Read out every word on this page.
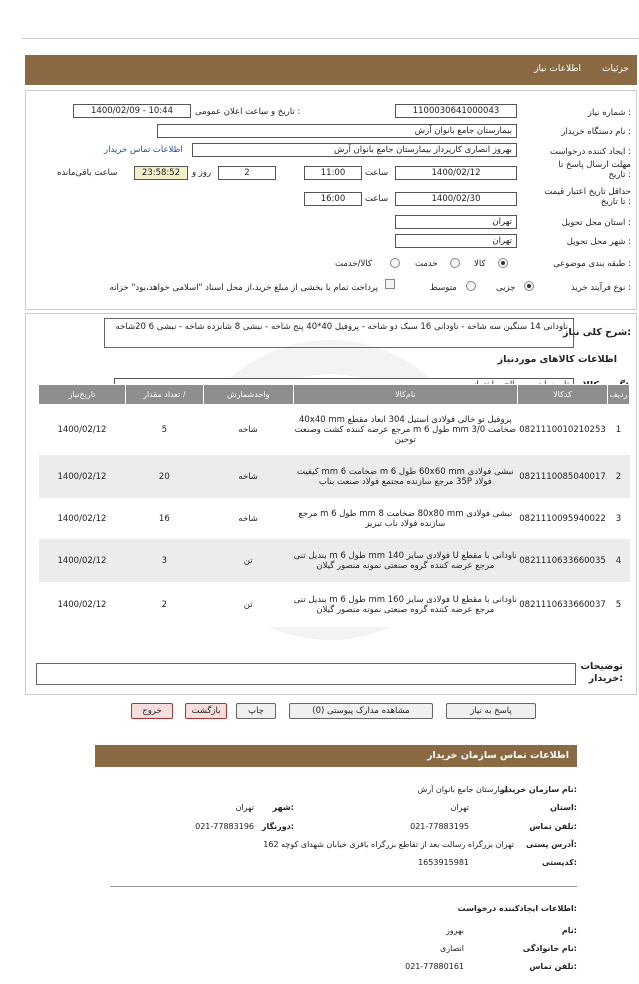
جزئیات
اطلاعات نیاز
شماره نیاز :
1100030641000043
تاریخ و ساعت اعلان عمومی :
1400/02/09 - 10:44
نام دستگاه خریدار :
بیمارستان جامع بانوان آرش
ایجاد کننده درخواست :
بهروز انصاری کارپرداز بیمارستان جامع بانوان آرش
اطلاعات تماس خریدار
مهلت ارسال پاسخ تا تاریخ :
1400/02/12
ساعت
11:00
2
روز و
23:58:52
ساعت باقی‌مانده
حداقل تاریخ اعتبار قیمت تا تاریخ :
1400/02/30
ساعت
16:00
استان محل تحویل :
تهران
شهر محل تحویل :
تهران
طبقه بندی موضوعی :
کالا
خدمت
کالا/خدمت
نوع فرآیند خرید :
جزیی
متوسط
پرداخت تمام یا بخشی از مبلغ خرید،از محل اسناد "اسلامی خواهد،بود" خزانه
شرح کلی نیاز:
ناودانی 14 سنگین سه شاخه - ناودانی 16 سبک دو شاخه - پروفیل 40*40 پنج شاخه - نبشی 8 شانزده شاخه - نبشی 6 20شاخه
اطلاعات کالاهای موردنیاز
ردیف	کدکالا	نام‌کالا	واحدشمارش	/ تعداد مقدار	تاریخ‌نیاز
1	0821110010210253	پروفیل تو خالی فولادی استیل 304 ابعاد مقطع 40x40 mm ضخامت 3/0 mm طول 6 m مرجع عرضه کننده کشت وصنعت توحین	شاخه	5	1400/02/12
2	0821110085040017	نبشی فولادی 60x60 mm طول 6 m ضخامت 6 mm کیفیت فولاد 35P مرجع سازنده مجتمع فولاد صنعت بناب	شاخه	20	1400/02/12
3	0821110095940022	نبشی فولادی 80x80 mm ضخامت 8 mm طول 6 m مرجع سازنده فولاد ناب تبریز	شاخه	16	1400/02/12
4	0821110633660035	ناودانی با مقطع U فولادی سایز 140 mm طول 6 m بندیل تنی مرجع عرضه کننده گروه صنعتی نمونه منصور گیلان	تن	3	1400/02/12
5	0821110633660037	ناودانی با مقطع U فولادی سایز 160 mm طول 6 m بندیل تنی مرجع عرضه کننده گروه صنعتی نمونه منصور گیلان	تن	2	1400/02/12
توضیحات خریدار:
پاسخ به نیاز
مشاهده مدارک پیوستی (0)
چاپ
بازگشت
خروج
اطلاعات تماس سازمان خریدار
نام سازمان خریدار:
بیمارستان جامع بانوان آرش
استان:
تهران
شهر:
تهران
تلفن تماس:
021-77883195
دورنگار:
021-77883196
آدرس پستی:
تهران بزرگراه رسالت بعد از تقاطع بزرگراه باقری خیابان شهدای کوچه 162
کدپستی:
1653915981
اطلاعات ایجادکننده درخواست:
نام:
بهروز
نام خانوادگی:
انصاری
تلفن تماس:
021-77880161
